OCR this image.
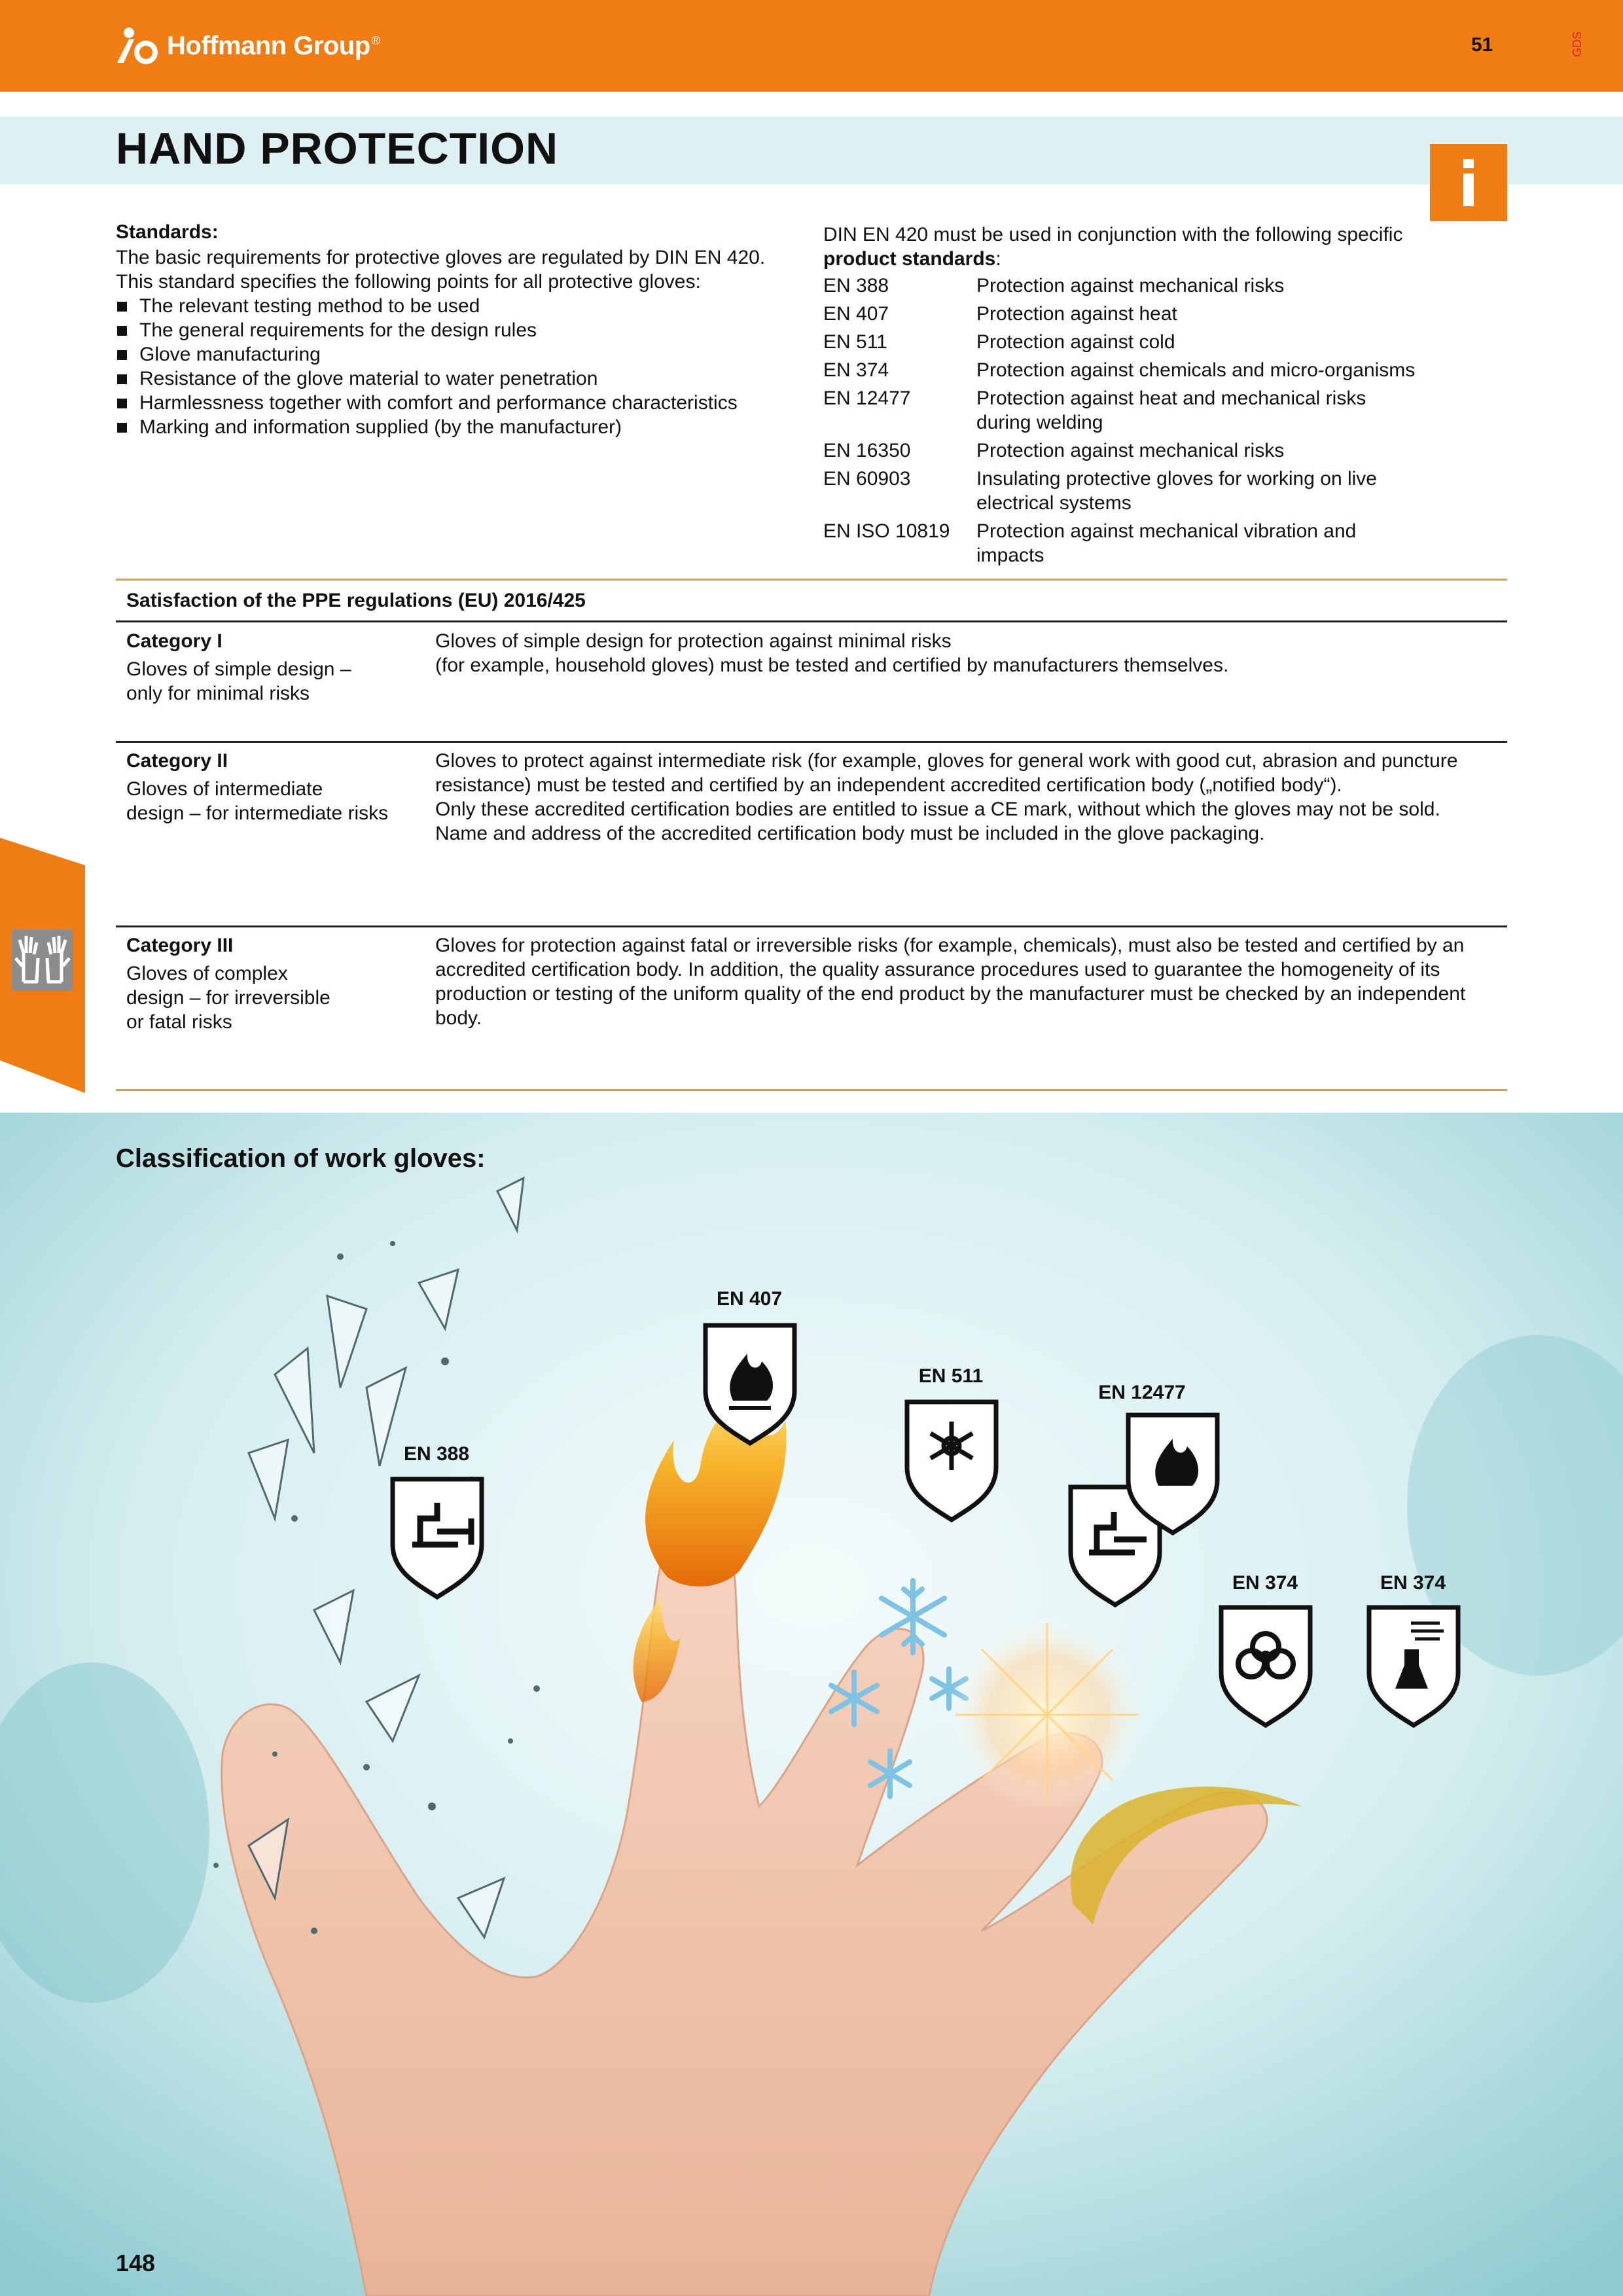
Hoffmann Group ®	51	GDS
HAND PROTECTION
Standards:
The basic requirements for protective gloves are regulated by DIN EN 420.
This standard specifies the following points for all protective gloves:
The relevant testing method to be used
The general requirements for the design rules
Glove manufacturing
Resistance of the glove material to water penetration
Harmlessness together with comfort and performance characteristics
Marking and information supplied (by the manufacturer)
DIN EN 420 must be used in conjunction with the following specific
product standards:
EN 388	Protection against mechanical risks
EN 407	Protection against heat
EN 511	Protection against cold
EN 374	Protection against chemicals and micro-organisms
EN 12477	Protection against heat and mechanical risks during welding
EN 16350	Protection against mechanical risks
EN 60903	Insulating protective gloves for working on live electrical systems
EN ISO 10819	Protection against mechanical vibration and impacts
Satisfaction of the PPE regulations (EU) 2016/425
Category I
Gloves of simple design –
only for minimal risks
Gloves of simple design for protection against minimal risks
(for example, household gloves) must be tested and certified by manufacturers themselves.
Category II
Gloves of intermediate
design – for intermediate risks
Gloves to protect against intermediate risk (for example, gloves for general work with good cut, abrasion and puncture
resistance) must be tested and certified by an independent accredited certification body („notified body“).
Only these accredited certification bodies are entitled to issue a CE mark, without which the gloves may not be sold.
Name and address of the accredited certification body must be included in the glove packaging.
Category III
Gloves of complex
design – for irreversible
or fatal risks
Gloves for protection against fatal or irreversible risks (for example, chemicals), must also be tested and certified by an
accredited certification body. In addition, the quality assurance procedures used to guarantee the homogeneity of its
production or testing of the uniform quality of the end product by the manufacturer must be checked by an independent body.
Classification of work gloves:
EN 388
EN 407
EN 511
EN 12477
EN 374	EN 374
148
